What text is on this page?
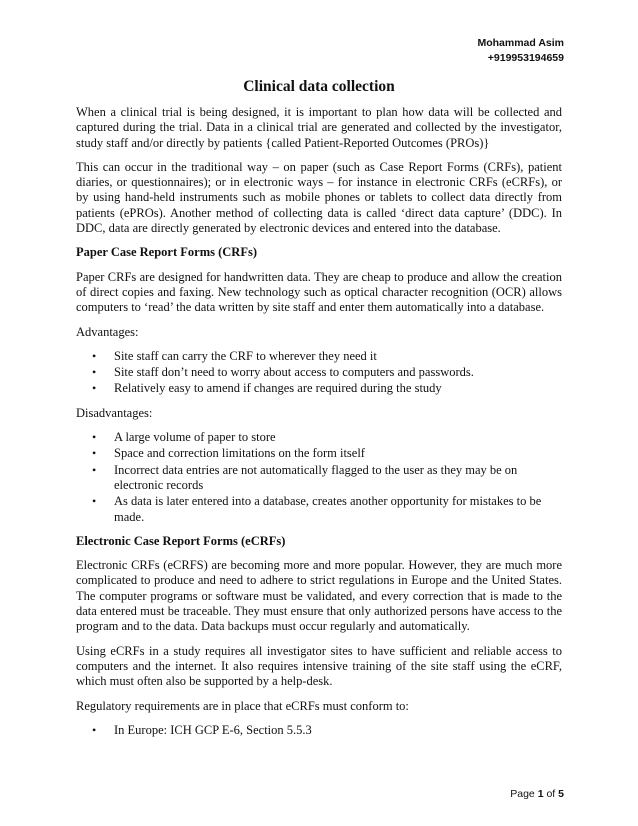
Mohammad Asim
+919953194659
Clinical data collection

When a clinical trial is being designed, it is important to plan how data will be collected and captured during the trial. Data in a clinical trial are generated and collected by the investigator, study staff and/or directly by patients {called Patient-Reported Outcomes (PROs)}

This can occur in the traditional way – on paper (such as Case Report Forms (CRFs), patient diaries, or questionnaires); or in electronic ways – for instance in electronic CRFs (eCRFs), or by using hand-held instruments such as mobile phones or tablets to collect data directly from patients (ePROs). Another method of collecting data is called ‘direct data capture’ (DDC). In DDC, data are directly generated by electronic devices and entered into the database.

Paper Case Report Forms (CRFs)

Paper CRFs are designed for handwritten data. They are cheap to produce and allow the creation of direct copies and faxing. New technology such as optical character recognition (OCR) allows computers to ‘read’ the data written by site staff and enter them automatically into a database.

Advantages:

• Site staff can carry the CRF to wherever they need it
• Site staff don’t need to worry about access to computers and passwords.
• Relatively easy to amend if changes are required during the study

Disadvantages:

• A large volume of paper to store
• Space and correction limitations on the form itself
• Incorrect data entries are not automatically flagged to the user as they may be on electronic records
• As data is later entered into a database, creates another opportunity for mistakes to be made.
Electronic Case Report Forms (eCRFs)

Electronic CRFs (eCRFS) are becoming more and more popular. However, they are much more complicated to produce and need to adhere to strict regulations in Europe and the United States. The computer programs or software must be validated, and every correction that is made to the data entered must be traceable. They must ensure that only authorized persons have access to the program and to the data. Data backups must occur regularly and automatically.

Using eCRFs in a study requires all investigator sites to have sufficient and reliable access to computers and the internet. It also requires intensive training of the site staff using the eCRF, which must often also be supported by a help-desk.

Regulatory requirements are in place that eCRFs must conform to:

• In Europe: ICH GCP E-6, Section 5.5.3
Page 1 of 5
